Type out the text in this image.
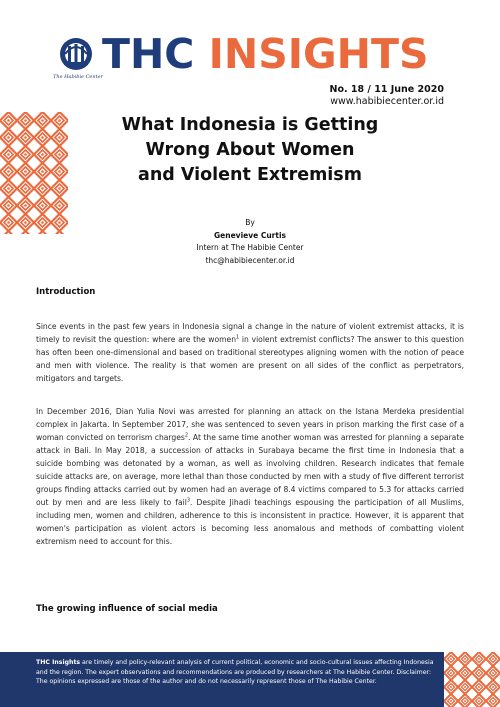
The Habibie Center THC INSIGHTS
No. 18 / 11 June 2020
www.habibiecenter.or.id
What Indonesia is Getting
Wrong About Women
and Violent Extremism
By
Genevieve Curtis
Intern at The Habibie Center
thc@habibiecenter.or.id
Introduction
Since events in the past few years in Indonesia signal a change in the nature of violent extremist attacks, it is timely to revisit the question: where are the women$^1$ in violent extremist conflicts? The answer to this question has often been one-dimensional and based on traditional stereotypes aligning women with the notion of peace and men with violence. The reality is that women are present on all sides of the conflict as perpetrators, mitigators and targets.
In December 2016, Dian Yulia Novi was arrested for planning an attack on the Istana Merdeka presidential complex in Jakarta. In September 2017, she was sentenced to seven years in prison marking the first case of a woman convicted on terrorism charges$^2$. At the same time another woman was arrested for planning a separate attack in Bali. In May 2018, a succession of attacks in Surabaya became the first time in Indonesia that a suicide bombing was detonated by a woman, as well as involving children. Research indicates that female suicide attacks are, on average, more lethal than those conducted by men with a study of five different terrorist groups finding attacks carried out by women had an average of 8.4 victims compared to 5.3 for attacks carried out by men and are less likely to fail$^3$. Despite Jihadi teachings espousing the participation of all Muslims, including men, women and children, adherence to this is inconsistent in practice. However, it is apparent that women's participation as violent actors is becoming less anomalous and methods of combatting violent extremism need to account for this.
The growing influence of social media
THC Insights are timely and policy-relevant analysis of current political, economic and socio-cultural issues affecting Indonesia and the region. The expert observations and recommendations are produced by researchers at The Habibie Center. Disclaimer: The opinions expressed are those of the author and do not necessarily represent those of The Habibie Center.
